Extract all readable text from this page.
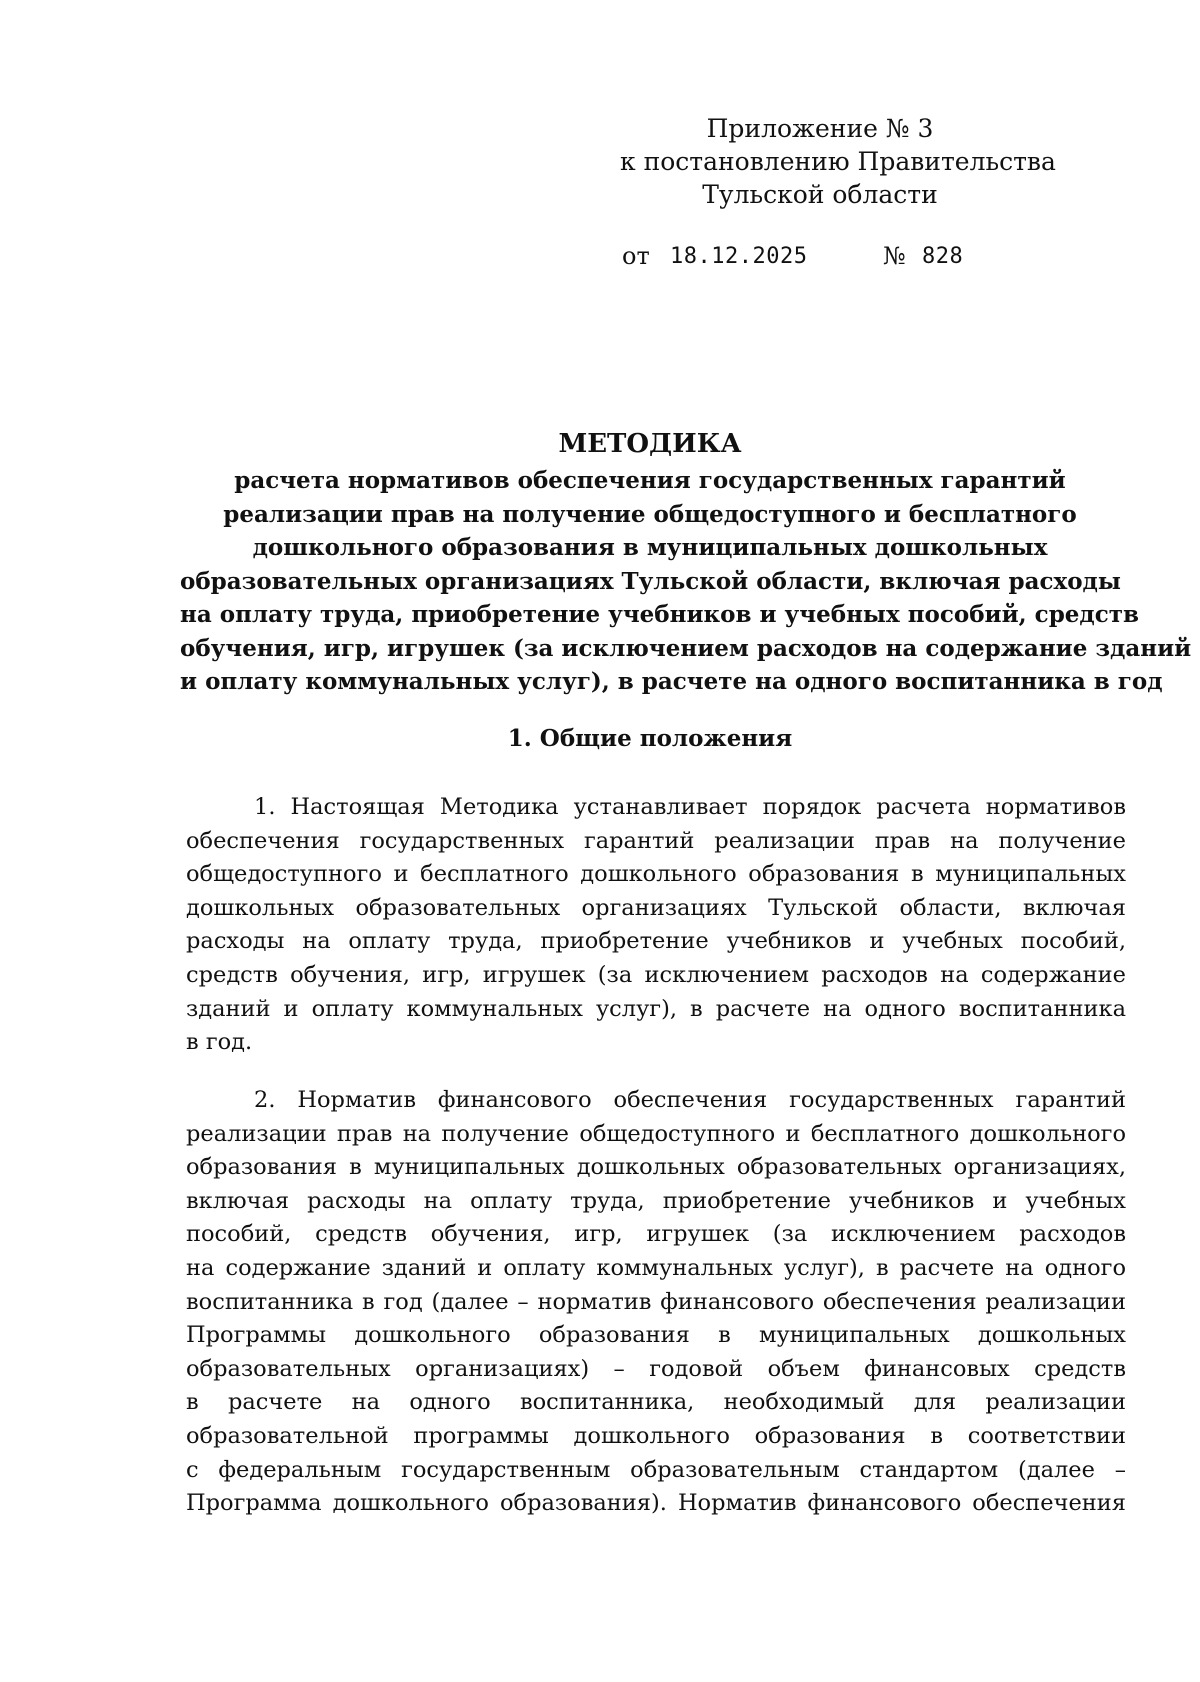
Приложение № 3
к постановлению Правительства
Тульской области
от 18.12.2025	№ 828
МЕТОДИКА
расчета нормативов обеспечения государственных гарантий
реализации прав на получение общедоступного и бесплатного
дошкольного образования в муниципальных дошкольных
образовательных организациях Тульской области, включая расходы
на оплату труда, приобретение учебников и учебных пособий, средств
обучения, игр, игрушек (за исключением расходов на содержание зданий
и оплату коммунальных услуг), в расчете на одного воспитанника в год
1. Общие положения
1. Настоящая Методика устанавливает порядок расчета нормативов
обеспечения государственных гарантий реализации прав на получение
общедоступного и бесплатного дошкольного образования в муниципальных
дошкольных образовательных организациях Тульской области, включая
расходы на оплату труда, приобретение учебников и учебных пособий,
средств обучения, игр, игрушек (за исключением расходов на содержание
зданий и оплату коммунальных услуг), в расчете на одного воспитанника
в год.
2. Норматив финансового обеспечения государственных гарантий
реализации прав на получение общедоступного и бесплатного дошкольного
образования в муниципальных дошкольных образовательных организациях,
включая расходы на оплату труда, приобретение учебников и учебных
пособий, средств обучения, игр, игрушек (за исключением расходов
на содержание зданий и оплату коммунальных услуг), в расчете на одного
воспитанника в год (далее – норматив финансового обеспечения реализации
Программы дошкольного образования в муниципальных дошкольных
образовательных организациях) – годовой объем финансовых средств
в расчете на одного воспитанника, необходимый для реализации
образовательной программы дошкольного образования в соответствии
с федеральным государственным образовательным стандартом (далее –
Программа дошкольного образования). Норматив финансового обеспечения
